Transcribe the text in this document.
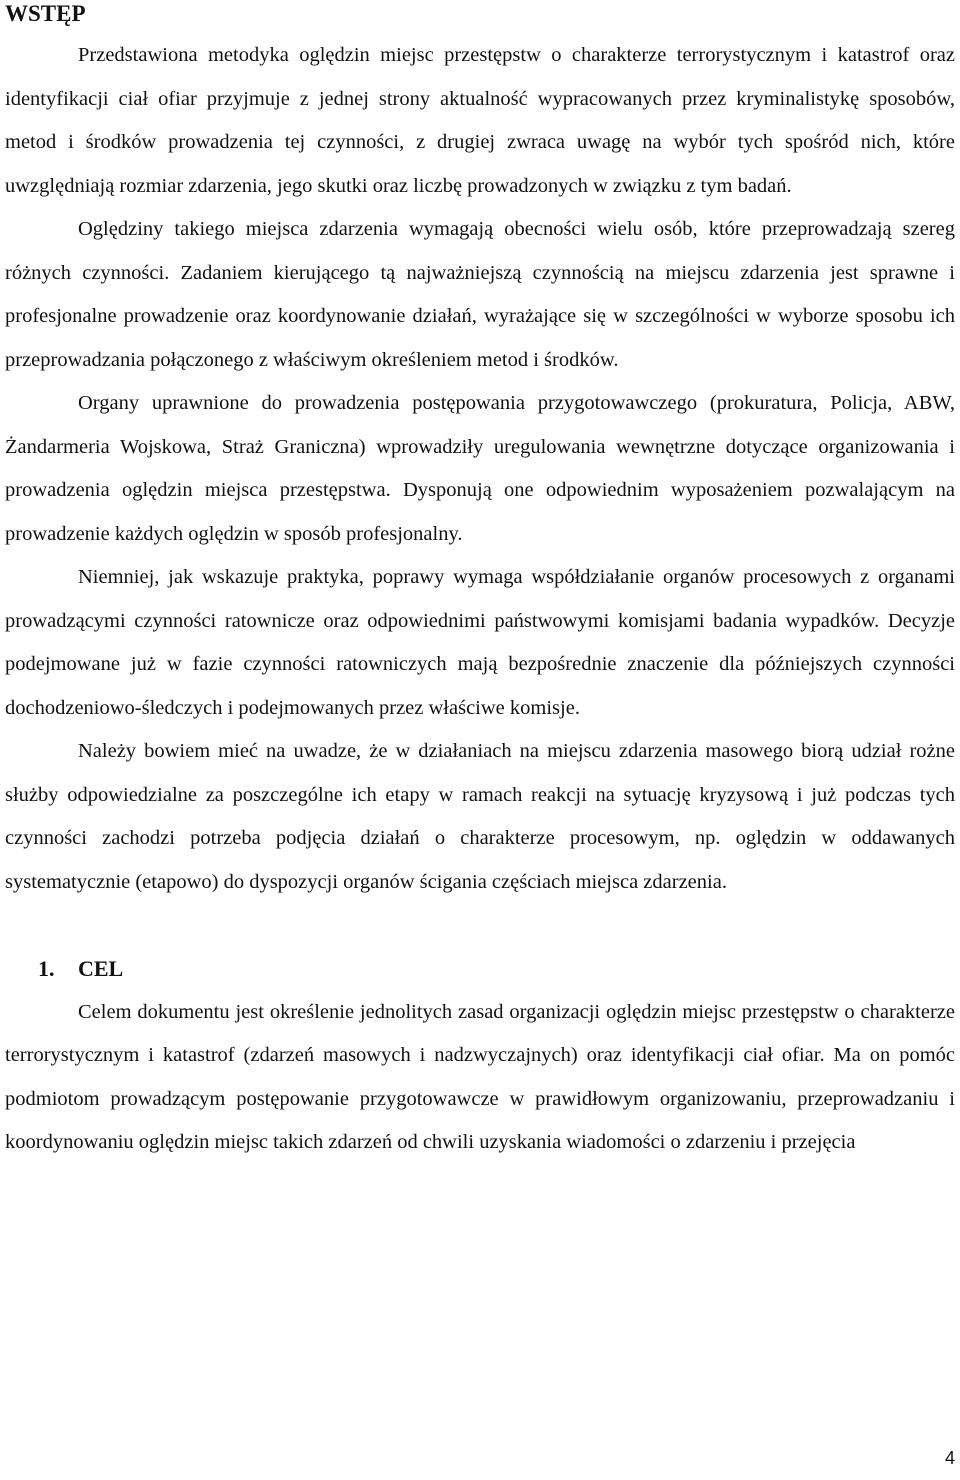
WSTĘP

Przedstawiona metodyka oględzin miejsc przestępstw o charakterze terrorystycznym i katastrof oraz identyfikacji ciał ofiar przyjmuje z jednej strony aktualność wypracowanych przez kryminalistykę sposobów, metod i środków prowadzenia tej czynności, z drugiej zwraca uwagę na wybór tych spośród nich, które uwzględniają rozmiar zdarzenia, jego skutki oraz liczbę prowadzonych w związku z tym badań.

Oględziny takiego miejsca zdarzenia wymagają obecności wielu osób, które przeprowadzają szereg różnych czynności. Zadaniem kierującego tą najważniejszą czynnością na miejscu zdarzenia jest sprawne i profesjonalne prowadzenie oraz koordynowanie działań, wyrażające się w szczególności w wyborze sposobu ich przeprowadzania połączonego z właściwym określeniem metod i środków.

Organy uprawnione do prowadzenia postępowania przygotowawczego (prokuratura, Policja, ABW, Żandarmeria Wojskowa, Straż Graniczna) wprowadziły uregulowania wewnętrzne dotyczące organizowania i prowadzenia oględzin miejsca przestępstwa. Dysponują one odpowiednim wyposażeniem pozwalającym na prowadzenie każdych oględzin w sposób profesjonalny.

Niemniej, jak wskazuje praktyka, poprawy wymaga współdziałanie organów procesowych z organami prowadzącymi czynności ratownicze oraz odpowiednimi państwowymi komisjami badania wypadków. Decyzje podejmowane już w fazie czynności ratowniczych mają bezpośrednie znaczenie dla późniejszych czynności dochodzeniowo-śledczych i podejmowanych przez właściwe komisje.

Należy bowiem mieć na uwadze, że w działaniach na miejscu zdarzenia masowego biorą udział rożne służby odpowiedzialne za poszczególne ich etapy w ramach reakcji na sytuację kryzysową i już podczas tych czynności zachodzi potrzeba podjęcia działań o charakterze procesowym, np. oględzin w oddawanych systematycznie (etapowo) do dyspozycji organów ścigania częściach miejsca zdarzenia.

1. CEL

Celem dokumentu jest określenie jednolitych zasad organizacji oględzin miejsc przestępstw o charakterze terrorystycznym i katastrof (zdarzeń masowych i nadzwyczajnych) oraz identyfikacji ciał ofiar. Ma on pomóc podmiotom prowadzącym postępowanie przygotowawcze w prawidłowym organizowaniu, przeprowadzaniu i koordynowaniu oględzin miejsc takich zdarzeń od chwili uzyskania wiadomości o zdarzeniu i przejęcia

4
